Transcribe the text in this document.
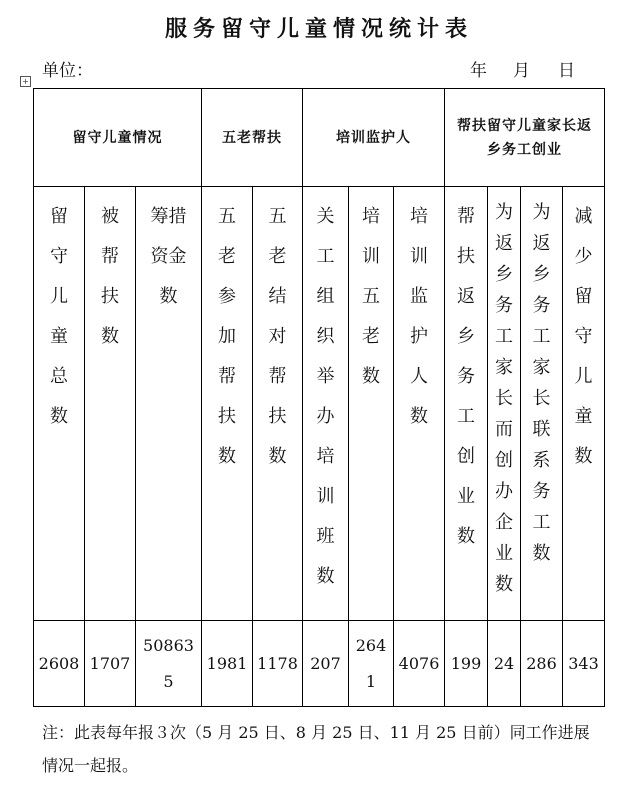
服务留守儿童情况统计表
单位：	年 月 日
+
留守儿童情况			五老帮扶		培训监护人			帮扶留守儿童家长返乡务工创业			
留守儿童总数	被帮扶数	筹措资金数	五老参加帮扶数	五老结对帮扶数	关工组织举办培训班数	培训五老数	培训监护人数	帮扶返乡务工创业数	为返乡务工家长而创办企业数	为返乡务工家长联系务工数	减少留守儿童数
2608	1707	508635	1981	1178	207	2641	4076	199	24	286	343
注：此表每年报３次（5 月 25 日、8 月 25 日、11 月 25 日前）同工作进展情况一起报。
